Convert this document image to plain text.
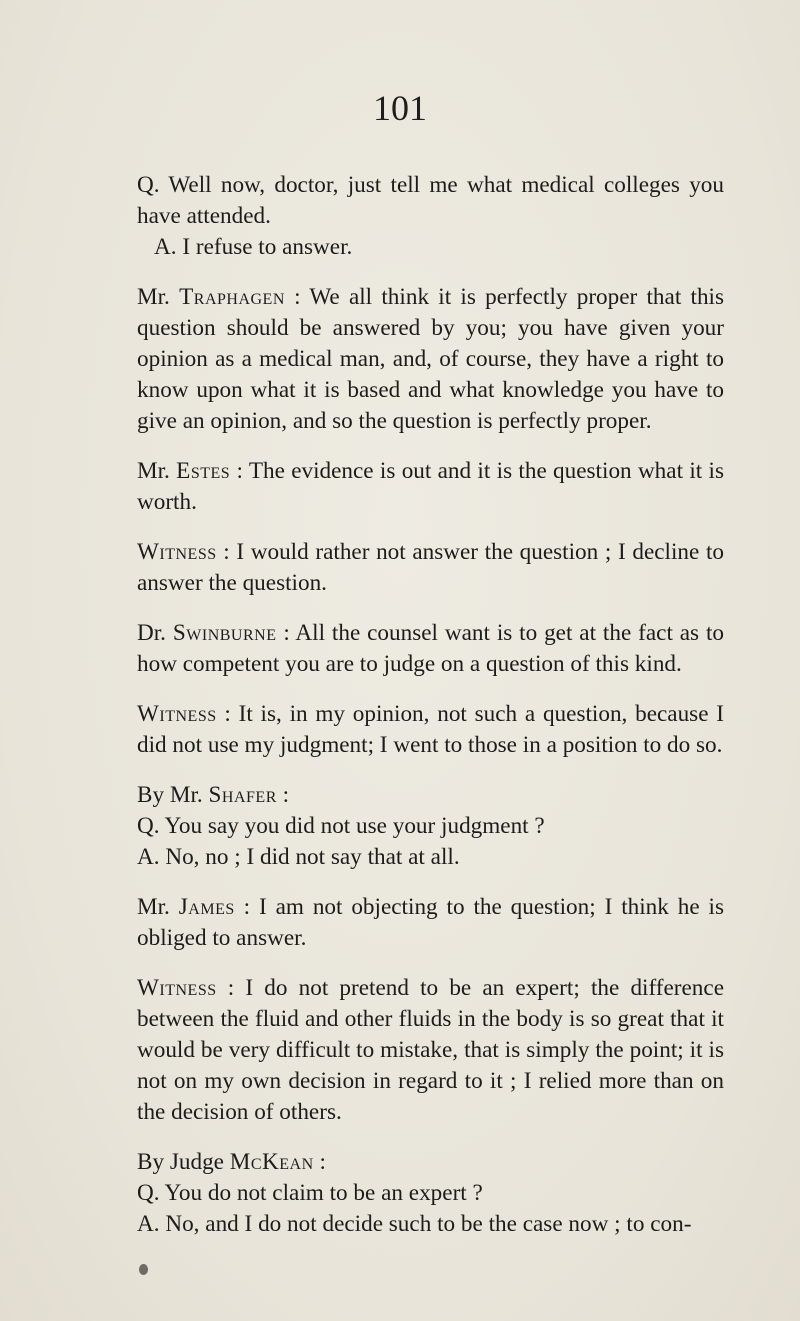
101

Q. Well now, doctor, just tell me what medical colleges you have attended.

A. I refuse to answer.

Mr. Traphagen : We all think it is perfectly proper that this question should be answered by you; you have given your opinion as a medical man, and, of course, they have a right to know upon what it is based and what knowledge you have to give an opinion, and so the question is perfectly proper.

Mr. Estes : The evidence is out and it is the question what it is worth.

Witness : I would rather not answer the question ; I decline to answer the question.

Dr. Swinburne : All the counsel want is to get at the fact as to how competent you are to judge on a question of this kind.

Witness : It is, in my opinion, not such a question, because I did not use my judgment; I went to those in a position to do so.

By Mr. Shafer :

Q. You say you did not use your judgment ?

A. No, no ; I did not say that at all.

Mr. James : I am not objecting to the question; I think he is obliged to answer.

Witness : I do not pretend to be an expert; the difference between the fluid and other fluids in the body is so great that it would be very difficult to mistake, that is simply the point; it is not on my own decision in regard to it ; I relied more than on the decision of others.

By Judge McKean :

Q. You do not claim to be an expert ?

A. No, and I do not decide such to be the case now ; to con-
